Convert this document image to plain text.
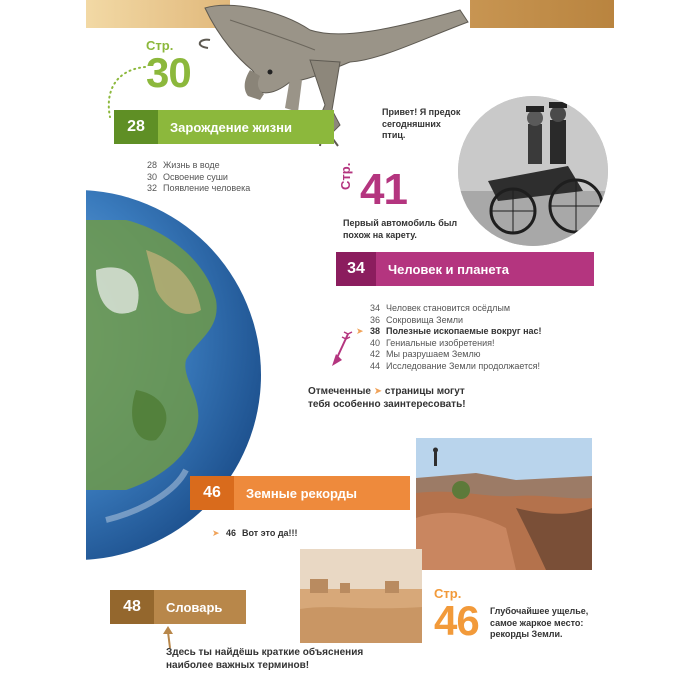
Стр.
30
28	Зарождение жизни
28 Жизнь в воде
30 Освоение суши
32 Появление человека
Привет! Я предок сегодняшних птиц.
Стр. 41
Первый автомобиль был похож на карету.
34	Человек и планета
34 Человек становится осёдлым
36 Сокровища Земли
➤ 38 Полезные ископаемые вокруг нас!
40 Гениальные изобретения!
42 Мы разрушаем Землю
44 Исследование Земли продолжается!
Отмеченные ➤ страницы могут тебя особенно заинтересовать!
46	Земные рекорды
➤ 46 Вот это да!!!
Стр.
46 Глубочайшее ущелье, самое жаркое место: рекорды Земли.
48	Словарь
Здесь ты найдёшь краткие объяснения наиболее важных терминов!
